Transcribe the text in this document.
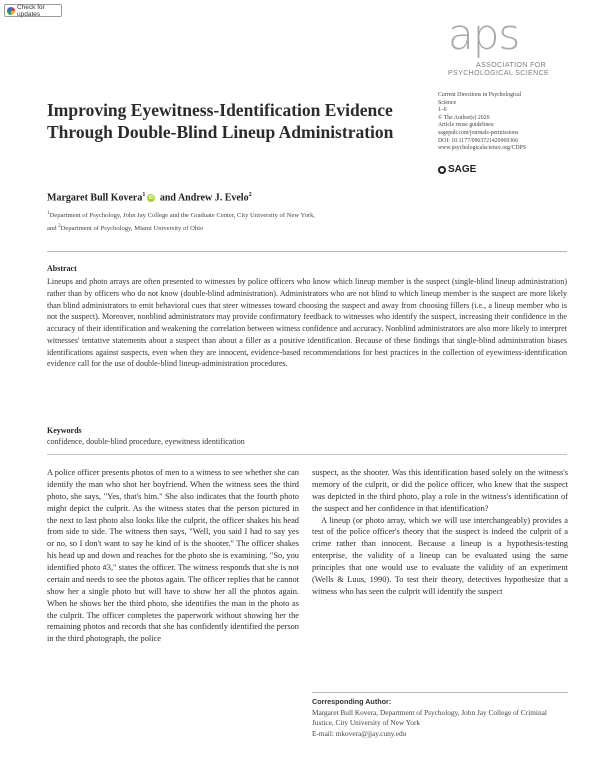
Check for updates	aps
ASSOCIATION FOR
PSYCHOLOGICAL SCIENCE
Improving Eyewitness-Identification Evidence Through Double-Blind Lineup Administration
Current Directions in Psychological
Science
1–6
© The Author(s) 2020
Article reuse guidelines:
sagepub.com/journals-permissions
DOI: 10.1177/0963721420969366
www.psychologicalscience.org/CDPS
SAGE
Margaret Bull Kovera$^1$iD and Andrew J. Evelo$^2$
$^1$Department of Psychology, John Jay College and the Graduate Center, City University of New York,
and $^2$Department of Psychology, Miami University of Ohio
Abstract
Lineups and photo arrays are often presented to witnesses by police officers who know which lineup member is the suspect (single-blind lineup administration) rather than by officers who do not know (double-blind administration). Administrators who are not blind to which lineup member is the suspect are more likely than blind administrators to emit behavioral cues that steer witnesses toward choosing the suspect and away from choosing fillers (i.e., a lineup member who is not the suspect). Moreover, nonblind administrators may provide confirmatory feedback to witnesses who identify the suspect, increasing their confidence in the accuracy of their identification and weakening the correlation between witness confidence and accuracy. Nonblind administrators are also more likely to interpret witnesses' tentative statements about a suspect than about a filler as a positive identification. Because of these findings that single-blind administration biases identifications against suspects, even when they are innocent, evidence-based recommendations for best practices in the collection of eyewitness-identification evidence call for the use of double-blind lineup-administration procedures.
Keywords
confidence, double-blind procedure, eyewitness identification

A police officer presents photos of men to a witness to see whether she can identify the man who shot her boyfriend. When the witness sees the third photo, she says, "Yes, that's him." She also indicates that the fourth photo might depict the culprit. As the witness states that the person pictured in the next to last photo also looks like the culprit, the officer shakes his head from side to side. The witness then says, "Well, you said I had to say yes or no, so I don't want to say he kind of is the shooter." The officer shakes his head up and down and reaches for the photo she is examining. "So, you identified photo #3," states the officer. The witness responds that she is not certain and needs to see the photos again. The officer replies that he cannot show her a single photo but will have to show her all the photos again. When he shows her the third photo, she identifies the man in the photo as the culprit. The officer completes the paperwork without showing her the remaining photos and records that she has confidently identified the person in the third photograph, the police

suspect, as the shooter. Was this identification based solely on the witness's memory of the culprit, or did the police officer, who knew that the suspect was depicted in the third photo, play a role in the witness's identification of the suspect and her confidence in that identification?

A lineup (or photo array, which we will use interchangeably) provides a test of the police officer's theory that the suspect is indeed the culprit of a crime rather than innocent. Because a lineup is a hypothesis-testing enterprise, the validity of a lineup can be evaluated using the same principles that one would use to evaluate the validity of an experiment (Wells & Luus, 1990). To test their theory, detectives hypothesize that a witness who has seen the culprit will identify the suspect

Corresponding Author:
Margaret Bull Kovera, Department of Psychology, John Jay College of Criminal Justice, City University of New York
E-mail: mkovera@jjay.cuny.edu
